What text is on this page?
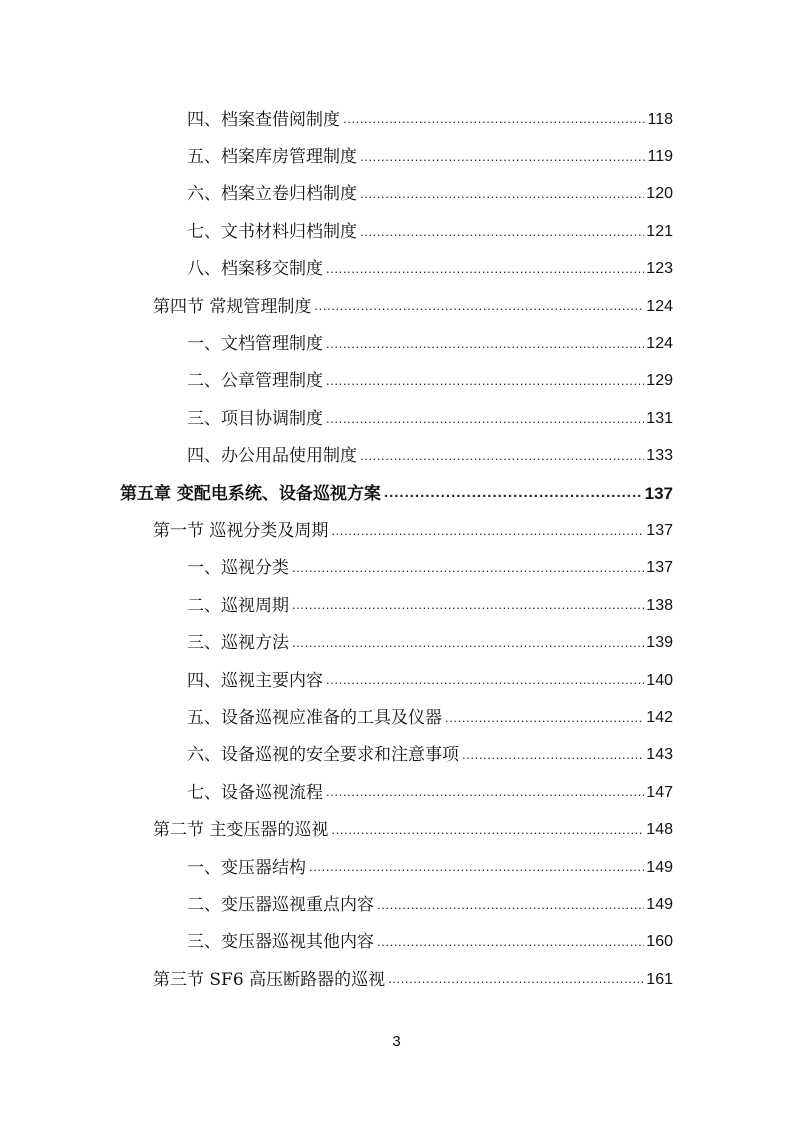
四、档案查借阅制度 .....	118
五、档案库房管理制度 .....	119
六、档案立卷归档制度 .....	120
七、文书材料归档制度 .....	121
八、档案移交制度 .....	123
第四节 常规管理制度 .....	124
一、文档管理制度 .....	124
二、公章管理制度 .....	129
三、项目协调制度 .....	131
四、办公用品使用制度 .....	133
第五章 变配电系统、设备巡视方案 .....	137
第一节 巡视分类及周期 .....	137
一、巡视分类 .....	137
二、巡视周期 .....	138
三、巡视方法 .....	139
四、巡视主要内容 .....	140
五、设备巡视应准备的工具及仪器 .....	142
六、设备巡视的安全要求和注意事项 .....	143
七、设备巡视流程 .....	147
第二节 主变压器的巡视 .....	148
一、变压器结构 .....	149
二、变压器巡视重点内容 .....	149
三、变压器巡视其他内容 .....	160
第三节 SF6 高压断路器的巡视 .....	161
3
